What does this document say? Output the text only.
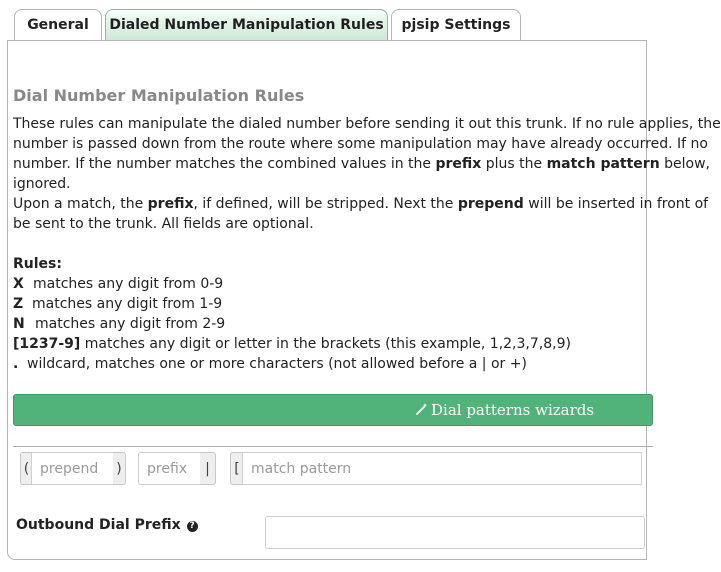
General	Dialed Number Manipulation Rules	pjsip Settings
Dial Number Manipulation Rules

These rules can manipulate the dialed number before sending it out this trunk. If no rule applies, the

number is passed down from the route where some manipulation may have already occurred. If no

number. If the number matches the combined values in the prefix plus the match pattern below,

ignored.

Upon a match, the prefix, if defined, will be stripped. Next the prepend will be inserted in front of

be sent to the trunk. All fields are optional.

Rules:
X matches any digit from 0-9
Z matches any digit from 1-9
N matches any digit from 2-9
[1237-9] matches any digit or letter in the brackets (this example, 1,2,3,7,8,9)
. wildcard, matches one or more characters (not allowed before a | or +)
Dial patterns wizards
(
prepend	)
prefix	|	[
match pattern
Outbound Dial Prefix ?
